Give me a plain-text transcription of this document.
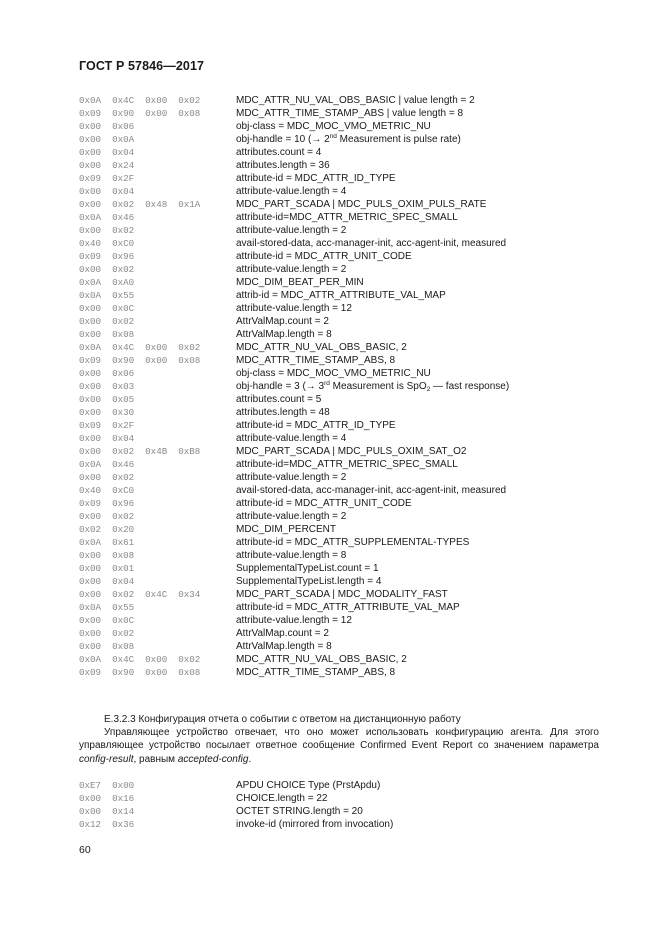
ГОСТ Р 57846—2017
0x0A  0x4C  0x00  0x02	MDC_ATTR_NU_VAL_OBS_BASIC | value length = 2
0x09  0x90  0x00  0x08	MDC_ATTR_TIME_STAMP_ABS | value length = 8
0x00  0x06	obj-class = MDC_MOC_VMO_METRIC_NU
0x00  0x0A	obj-handle = 10 (→ 2nd Measurement is pulse rate)
0x00  0x04	attributes.count = 4
0x00  0x24	attributes.length = 36
0x09  0x2F	attribute-id = MDC_ATTR_ID_TYPE
0x00  0x04	attribute-value.length = 4
0x00  0x02  0x48  0x1A	MDC_PART_SCADA | MDC_PULS_OXIM_PULS_RATE
0x0A  0x46	attribute-id=MDC_ATTR_METRIC_SPEC_SMALL
0x00  0x02	attribute-value.length = 2
0x40  0xC0	avail-stored-data, acc-manager-init, acc-agent-init, measured
0x09  0x96	attribute-id = MDC_ATTR_UNIT_CODE
0x00  0x02	attribute-value.length = 2
0x0A  0xA0	MDC_DIM_BEAT_PER_MIN
0x0A  0x55	attrib-id = MDC_ATTR_ATTRIBUTE_VAL_MAP
0x00  0x0C	attribute-value.length = 12
0x00  0x02	AttrValMap.count = 2
0x00  0x08	AttrValMap.length = 8
0x0A  0x4C  0x00  0x02	MDC_ATTR_NU_VAL_OBS_BASIC, 2
0x09  0x90  0x00  0x08	MDC_ATTR_TIME_STAMP_ABS, 8
0x00  0x06	obj-class = MDC_MOC_VMO_METRIC_NU
0x00  0x03	obj-handle = 3 (→ 3rd Measurement is SpO$_2$ — fast response)
0x00  0x05	attributes.count = 5
0x00  0x30	attributes.length = 48
0x09  0x2F	attribute-id = MDC_ATTR_ID_TYPE
0x00  0x04	attribute-value.length = 4
0x00  0x02  0x4B  0xB8	MDC_PART_SCADA | MDC_PULS_OXIM_SAT_O2
0x0A  0x46	attribute-id=MDC_ATTR_METRIC_SPEC_SMALL
0x00  0x02	attribute-value.length = 2
0x40  0xC0	avail-stored-data, acc-manager-init, acc-agent-init, measured
0x09  0x96	attribute-id = MDC_ATTR_UNIT_CODE
0x00  0x02	attribute-value.length = 2
0x02  0x20	MDC_DIM_PERCENT
0x0A  0x61	attribute-id = MDC_ATTR_SUPPLEMENTAL-TYPES
0x00  0x08	attribute-value.length = 8
0x00  0x01	SupplementalTypeList.count = 1
0x00  0x04	SupplementalTypeList.length = 4
0x00  0x02  0x4C  0x34	MDC_PART_SCADA | MDC_MODALITY_FAST
0x0A  0x55	attribute-id = MDC_ATTR_ATTRIBUTE_VAL_MAP
0x00  0x0C	attribute-value.length = 12
0x00  0x02	AttrValMap.count = 2
0x00  0x08	AttrValMap.length = 8
0x0A  0x4C  0x00  0x02	MDC_ATTR_NU_VAL_OBS_BASIC, 2
0x09  0x90  0x00  0x08	MDC_ATTR_TIME_STAMP_ABS, 8
Е.3.2.3 Конфигурация отчета о событии с ответом на дистанционную работу
Управляющее устройство отвечает, что оно может использовать конфигурацию агента. Для этого управляющее устройство посылает ответное сообщение Confirmed Event Report со значением параметра config-result, равным accepted-config.
0xE7  0x00	APDU CHOICE Type (PrstApdu)
0x00  0x16	CHOICE.length = 22
0x00  0x14	OCTET STRING.length = 20
0x12  0x36	invoke-id (mirrored from invocation)
60
